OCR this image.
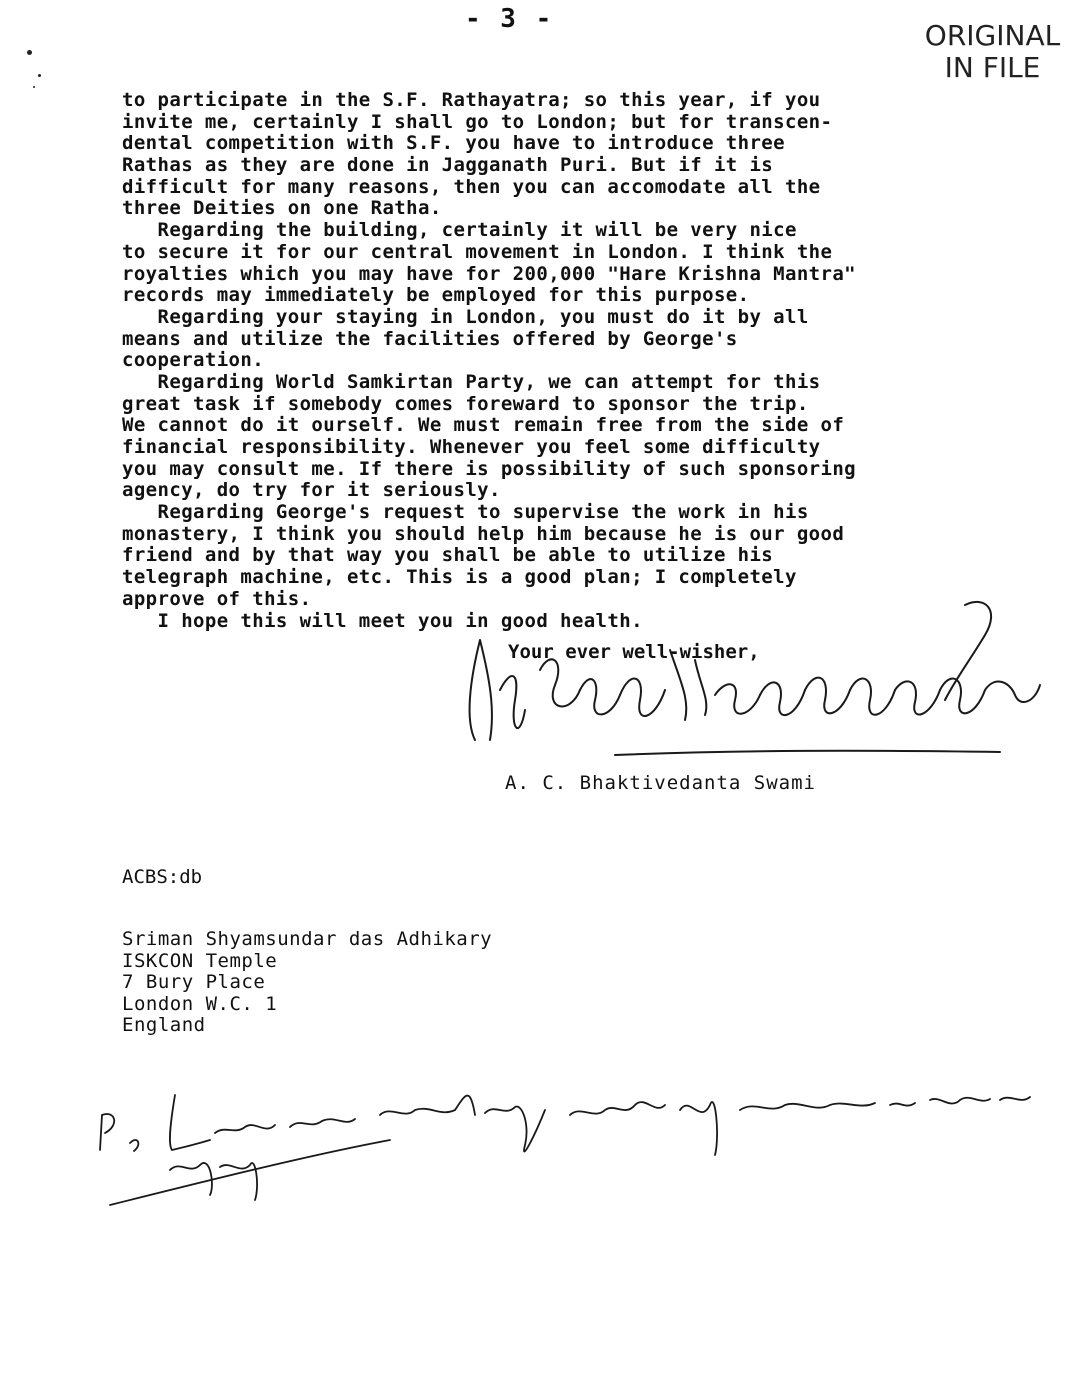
- 3 -	ORIGINAL
IN FILE
to participate in the S.F. Rathayatra; so this year, if you
invite me, certainly I shall go to London; but for transcen-
dental competition with S.F. you have to introduce three
Rathas as they are done in Jagganath Puri. But if it is
difficult for many reasons, then you can accomodate all the
three Deities on one Ratha.
Regarding the building, certainly it will be very nice
to secure it for our central movement in London. I think the
royalties which you may have for 200,000 "Hare Krishna Mantra"
records may immediately be employed for this purpose.
Regarding your staying in London, you must do it by all
means and utilize the facilities offered by George's
cooperation.
Regarding World Samkirtan Party, we can attempt for this
great task if somebody comes foreward to sponsor the trip.
We cannot do it ourself. We must remain free from the side of
financial responsibility. Whenever you feel some difficulty
you may consult me. If there is possibility of such sponsoring
agency, do try for it seriously.
Regarding George's request to supervise the work in his
monastery, I think you should help him because he is our good
friend and by that way you shall be able to utilize his
telegraph machine, etc. This is a good plan; I completely
approve of this.
I hope this will meet you in good health.
Your ever well-wisher,
A. C. Bhaktivedanta Swami
ACBS:db
Sriman Shyamsundar das Adhikary
ISKCON Temple
7 Bury Place
London W.C. 1
England
